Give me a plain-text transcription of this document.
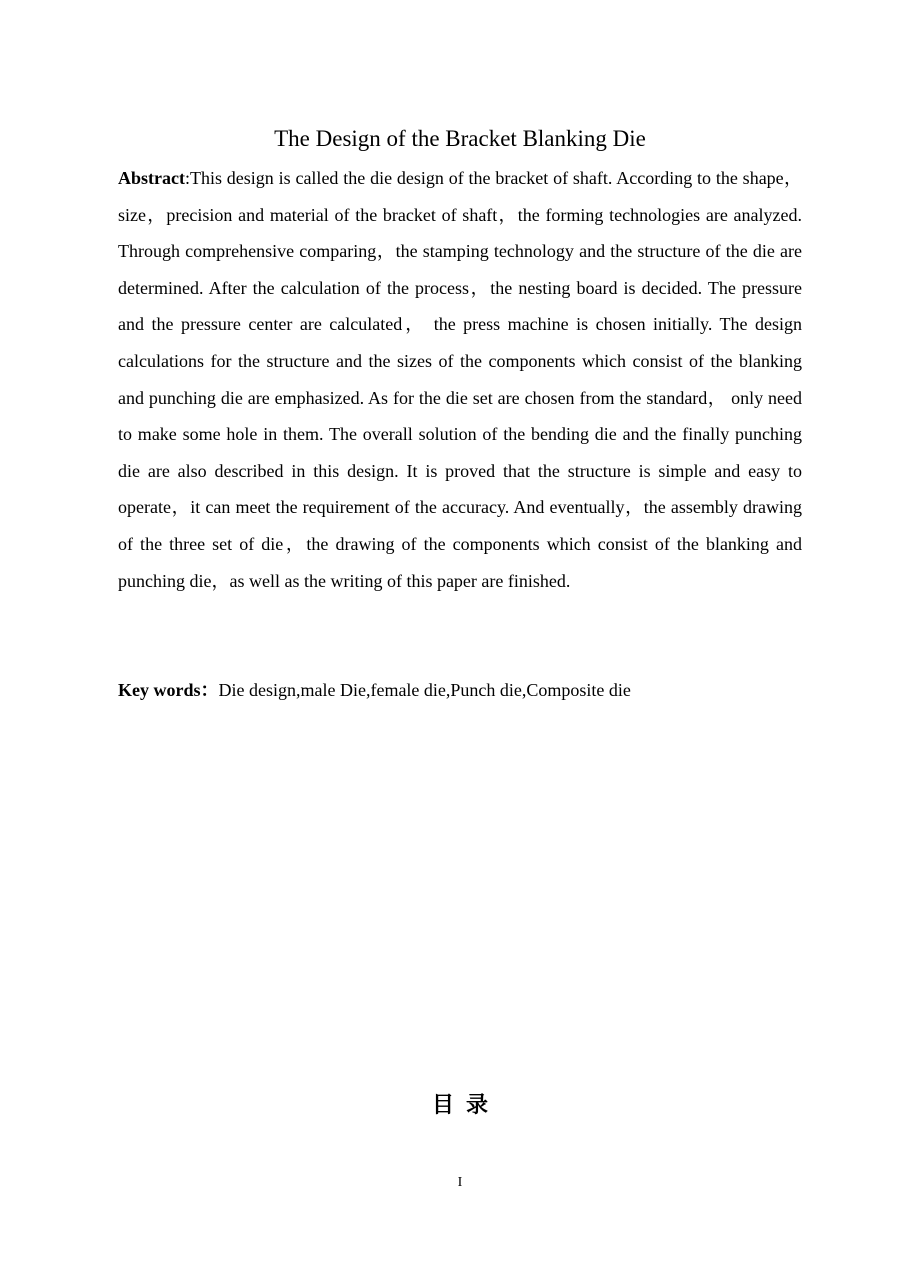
The Design of the Bracket Blanking Die

Abstract:This design is called the die design of the bracket of shaft. According to the shape，size，precision and material of the bracket of shaft，the forming technologies are analyzed. Through comprehensive comparing，the stamping technology and the structure of the die are determined. After the calculation of the process，the nesting board is decided. The pressure and the pressure center are calculated， the press machine is chosen initially. The design calculations for the structure and the sizes of the components which consist of the blanking and punching die are emphasized. As for the die set are chosen from the standard， only need to make some hole in them. The overall solution of the bending die and the finally punching die are also described in this design. It is proved that the structure is simple and easy to operate，it can meet the requirement of the accuracy. And eventually，the assembly drawing of the three set of die，the drawing of the components which consist of the blanking and punching die，as well as the writing of this paper are finished.

Key words：Die design,male Die,female die,Punch die,Composite die

目录
I
